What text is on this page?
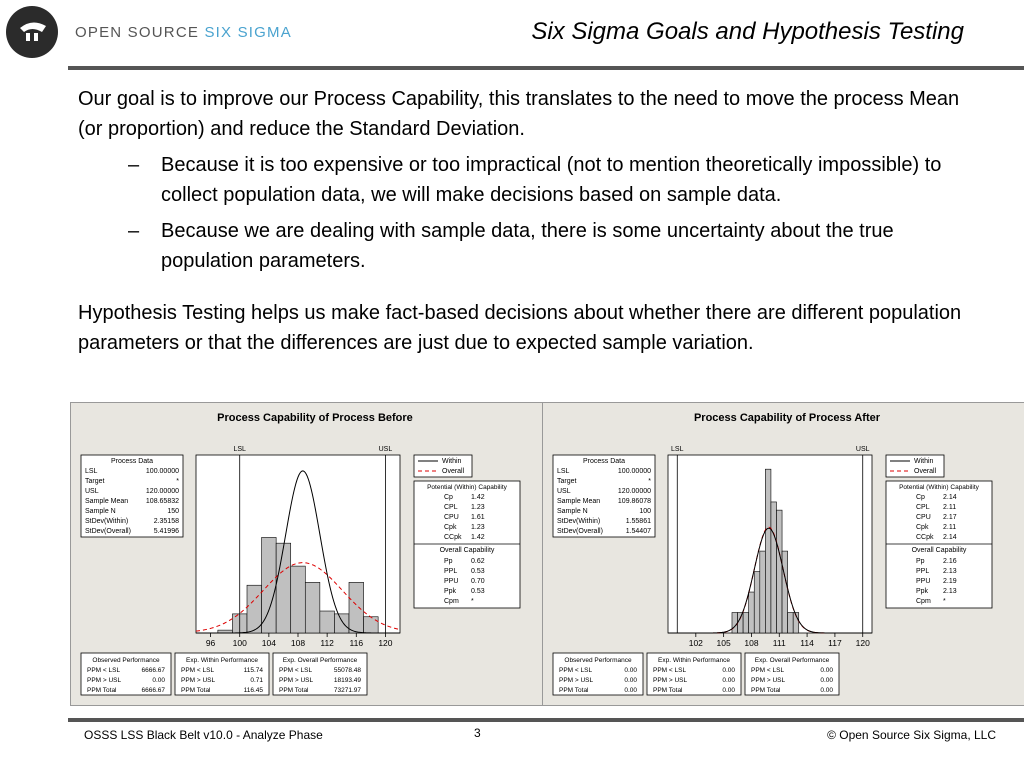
OPEN SOURCE SIX SIGMA	Six Sigma Goals and Hypothesis Testing
Our goal is to improve our Process Capability, this translates to the need to move the process Mean (or proportion) and reduce the Standard Deviation.
–	Because it is too expensive or too impractical (not to mention theoretically impossible) to collect population data, we will make decisions based on sample data.
–	Because we are dealing with sample data, there is some uncertainty about the true population parameters.
Hypothesis Testing helps us make fact-based decisions about whether there are different population parameters or that the differences are just due to expected sample variation.
Process Capability of Process Before
Process Data
LSL	100.00000
Target	*
USL	120.00000
Sample Mean	108.65832
Sample N	150
StDev(Within)	2.35158
StDev(Overall)	5.41996
LSL	USL
96 100 104 108 112 116 120
Within
Overall
Potential (Within) Capability
Cp	1.42
CPL 1.23
CPU 1.61
Cpk 1.23
CCpk 1.42
Overall Capability
Pp	0.62
PPL 0.53
PPU 0.70
Ppk 0.53
Cpm *
Observed Performance
PPM < LSL	6666.67
PPM > USL	0.00
PPM Total	6666.67
Exp. Within Performance
PPM < LSL	115.74
PPM > USL	0.71
PPM Total	116.45
Exp. Overall Performance
PPM < LSL	55078.48
PPM > USL	18193.49
PPM Total	73271.97
Process Capability of Process After
Process Data
LSL	100.00000
Target	*
USL	120.00000
Sample Mean	109.86078
Sample N	100
StDev(Within)	1.55861
StDev(Overall)	1.54407
LSL	USL
102 105 108 111 114 117 120
Within
Overall
Potential (Within) Capability
Cp	2.14
CPL 2.11
CPU 2.17
Cpk 2.11
CCpk 2.14
Overall Capability
Pp	2.16
PPL 2.13
PPU 2.19
Ppk 2.13
Cpm *
Observed Performance
PPM < LSL	0.00
PPM > USL	0.00
PPM Total	0.00
Exp. Within Performance
PPM < LSL	0.00
PPM > USL	0.00
PPM Total	0.00
Exp. Overall Performance
PPM < LSL	0.00
PPM > USL	0.00
PPM Total	0.00
OSSS LSS Black Belt v10.0 - Analyze Phase	3	© Open Source Six Sigma, LLC
